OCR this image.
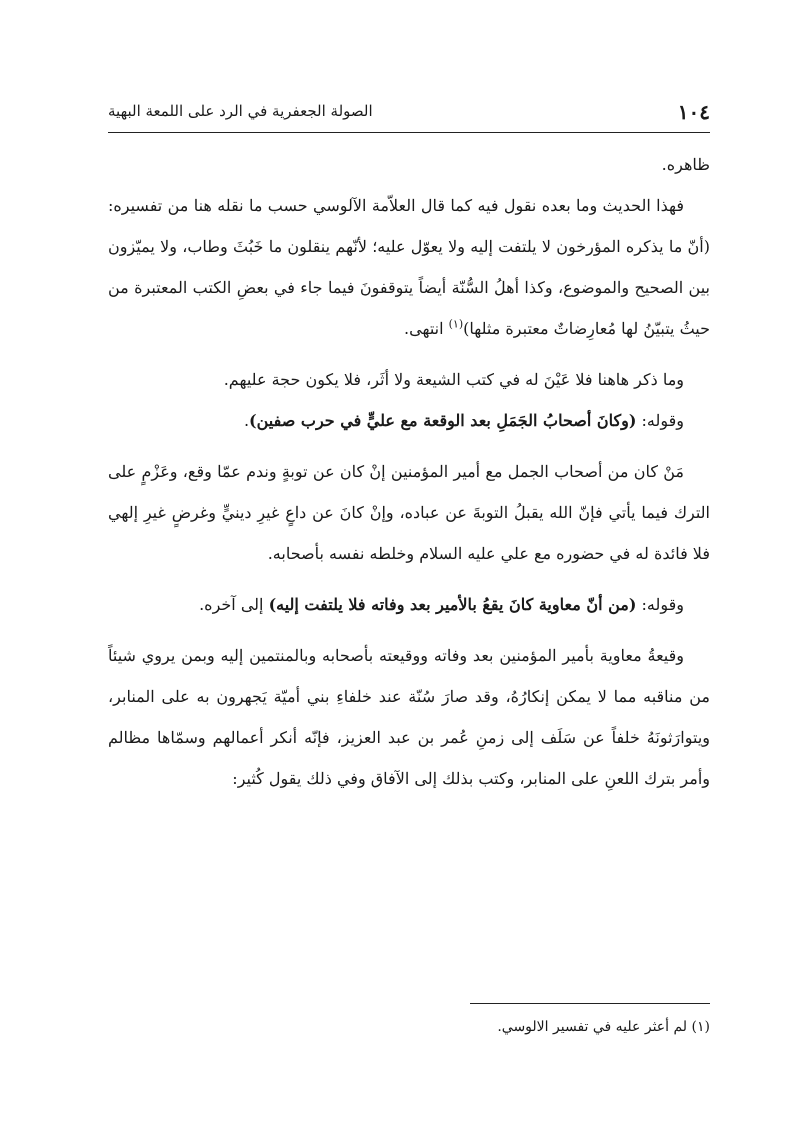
١٠٤
الصولة الجعفرية في الرد على اللمعة البهية

ظاهره.

فهذا الحديث وما بعده نقول فيه كما قال العلاّمة الآلوسي حسب ما نقله هنا من تفسيره: (أنّ ما يذكره المؤرخون لا يلتفت إليه ولا يعوّل عليه؛ لأنّهم ينقلون ما خَبُثَ وطاب، ولا يميّزون بين الصحيح والموضوع، وكذا أهلُ السُّنّة أيضاً يتوقفونَ فيما جاء في بعضِ الكتب المعتبرة من حيثُ يتبيّنُ لها مُعارِضاتٌ معتبرة مثلها)$^{(١)}$ انتهى.

وما ذكر هاهنا فلا عَيْنَ له في كتب الشيعة ولا أثَر، فلا يكون حجة عليهم.

وقوله: (وكانَ أصحابُ الجَمَلِ بعد الوقعة مع عليٍّ في حرب صفين).

مَنْ كان من أصحاب الجمل مع أمير المؤمنين إنْ كان عن توبةٍ وندم عمّا وقع، وعَزْمٍ على الترك فيما يأتي فإنّ الله يقبلُ التوبةَ عن عباده، وإنْ كانَ عن داعٍ غيرِ دينيٍّ وغرضٍ غيرِ إلهي فلا فائدة له في حضوره مع علي عليه السلام وخلطه نفسه بأصحابه.

وقوله: (من أنّ معاوية كانَ يقعُ بالأمير بعد وفاته فلا يلتفت إليه) إلى آخره.

وقيعةُ معاوية بأمير المؤمنين بعد وفاته ووقيعته بأصحابه وبالمنتمين إليه وبمن يروي شيئاً من مناقبه مما لا يمكن إنكارُهُ، وقد صارَ سُنّة عند خلفاءِ بني أميّة يَجهرون به على المنابر، ويتوارَثونَهُ خلفاً عن سَلَف إلى زمنِ عُمر بن عبد العزيز، فإنّه أنكر أعمالهم وسمّاها مظالم وأمر بترك اللعنِ على المنابر، وكتب بذلك إلى الآفاق وفي ذلك يقول كُثير:

(١) لم أعثر عليه في تفسير الالوسي.
